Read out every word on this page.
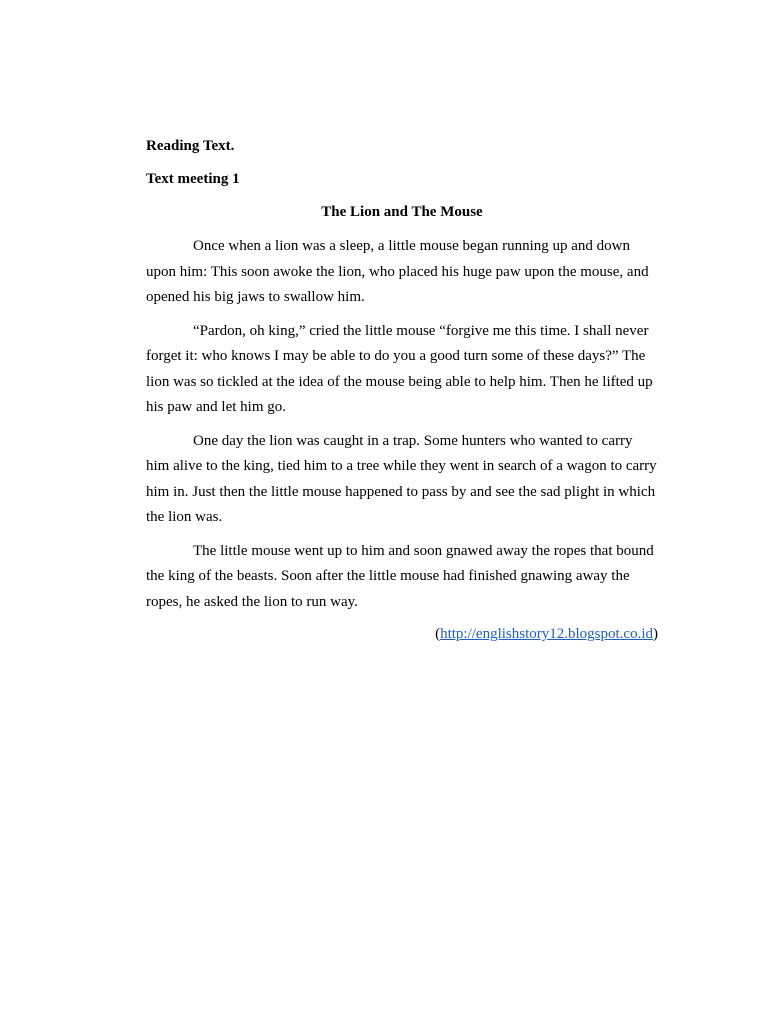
Reading Text.

Text meeting 1

The Lion and The Mouse

Once when a lion was a sleep, a little mouse began running up and down upon him: This soon awoke the lion, who placed his huge paw upon the mouse, and opened his big jaws to swallow him.

“Pardon, oh king,” cried the little mouse “forgive me this time. I shall never forget it: who knows I may be able to do you a good turn some of these days?” The lion was so tickled at the idea of the mouse being able to help him. Then he lifted up his paw and let him go.

One day the lion was caught in a trap. Some hunters who wanted to carry him alive to the king, tied him to a tree while they went in search of a wagon to carry him in. Just then the little mouse happened to pass by and see the sad plight in which the lion was.

The little mouse went up to him and soon gnawed away the ropes that bound the king of the beasts. Soon after the little mouse had finished gnawing away the ropes, he asked the lion to run way.

(http://englishstory12.blogspot.co.id)
